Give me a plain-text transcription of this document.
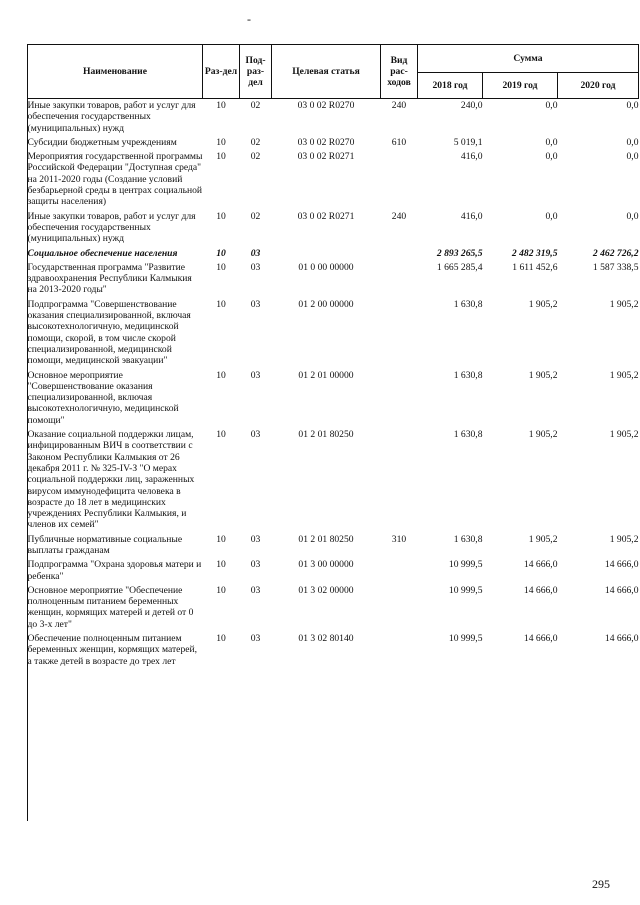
-
Наименование	Раз-дел	Под-раз-дел	Целевая статья	Вид рас-ходов	Сумма		
					2018 год	2019 год	2020 год
Иные закупки товаров, работ и услуг для обеспечения государственных (муниципальных) нужд	10	02	03 0 02 R0270	240	240,0	0,0	0,0
Субсидии бюджетным учреждениям	10	02	03 0 02 R0270	610	5 019,1	0,0	0,0
Мероприятия государственной программы Российской Федерации "Доступная среда" на 2011-2020 годы (Создание условий безбарьерной среды в центрах социальной защиты населения)	10	02	03 0 02 R0271		416,0	0,0	0,0
Иные закупки товаров, работ и услуг для обеспечения государственных (муниципальных) нужд	10	02	03 0 02 R0271	240	416,0	0,0	0,0
Социальное обеспечение населения	10	03			2 893 265,5	2 482 319,5	2 462 726,2
Государственная программа "Развитие здравоохранения Республики Калмыкия на 2013-2020 годы"	10	03	01 0 00 00000		1 665 285,4	1 611 452,6	1 587 338,5
Подпрограмма "Совершенствование оказания специализированной, включая высокотехнологичную, медицинской помощи, скорой, в том числе скорой специализированной, медицинской помощи, медицинской эвакуации"	10	03	01 2 00 00000		1 630,8	1 905,2	1 905,2
Основное мероприятие "Совершенствование оказания специализированной, включая высокотехнологичную, медицинской помощи"	10	03	01 2 01 00000		1 630,8	1 905,2	1 905,2
Оказание социальной поддержки лицам, инфицированным ВИЧ в соответствии с Законом Республики Калмыкия от 26 декабря 2011 г. № 325-IV-З "О мерах социальной поддержки лиц, зараженных вирусом иммунодефицита человека в возрасте до 18 лет в медицинских учреждениях Республики Калмыкия, и членов их семей"	10	03	01 2 01 80250		1 630,8	1 905,2	1 905,2
Публичные нормативные социальные выплаты гражданам	10	03	01 2 01 80250	310	1 630,8	1 905,2	1 905,2
Подпрограмма "Охрана здоровья матери и ребенка"	10	03	01 3 00 00000		10 999,5	14 666,0	14 666,0
Основное мероприятие "Обеспечение полноценным питанием беременных женщин, кормящих матерей и детей от 0 до 3-х лет"	10	03	01 3 02 00000		10 999,5	14 666,0	14 666,0
Обеспечение полноценным питанием беременных женщин, кормящих матерей, а также детей в возрасте до трех лет	10	03	01 3 02 80140		10 999,5	14 666,0	14 666,0
295
